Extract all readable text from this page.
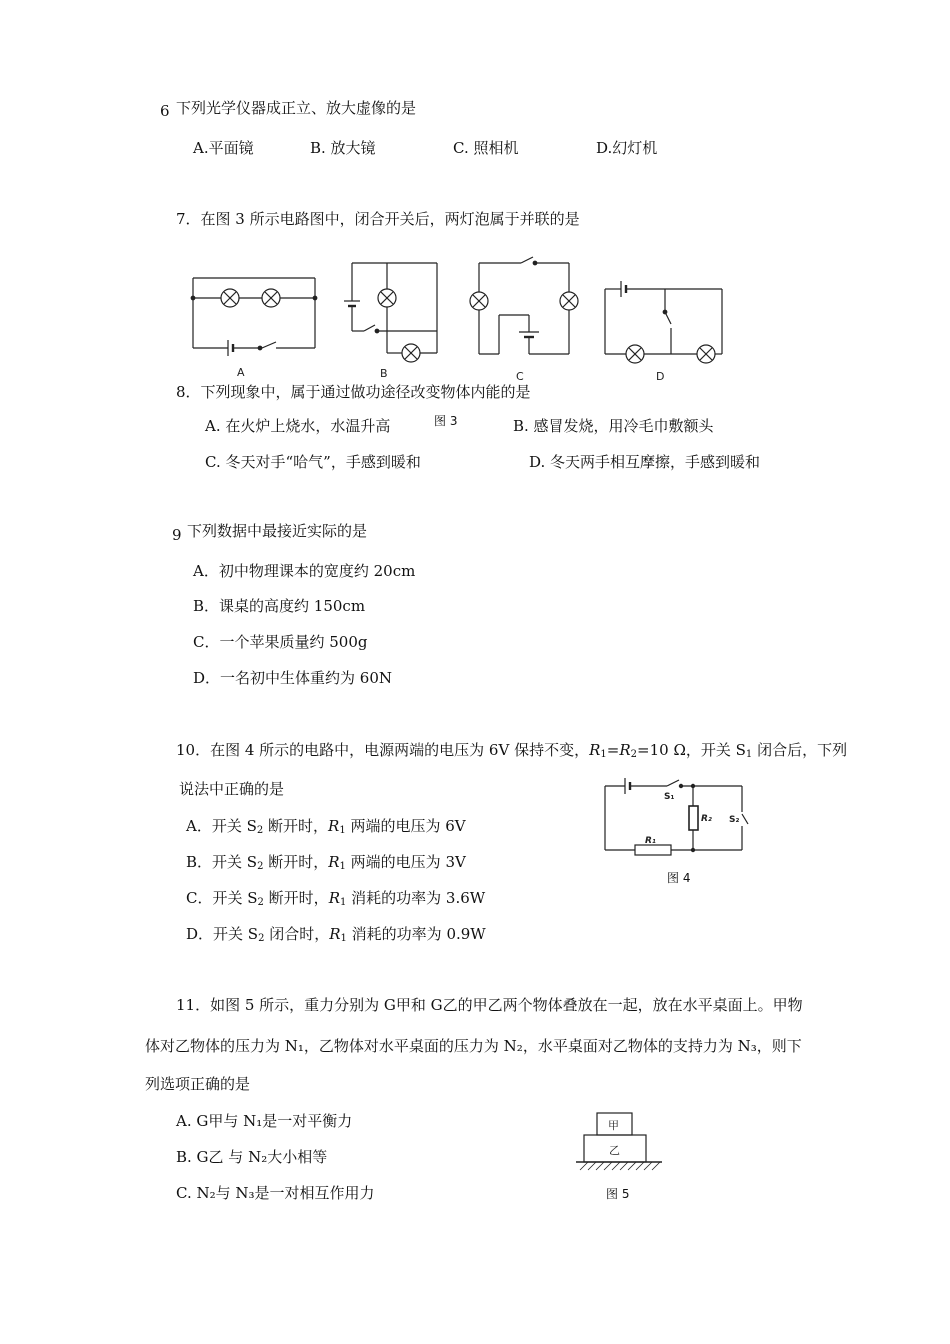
6 下列光学仪器成正立、放大虚像的是
A.平面镜	B. 放大镜	C. 照相机	D.幻灯机
7．在图 3 所示电路图中，闭合开关后，两灯泡属于并联的是
A	B	C	D
8．下列现象中，属于通过做功途径改变物体内能的是
图 3
A. 在火炉上烧水，水温升高	B. 感冒发烧，用冷毛巾敷额头
C. 冬天对手“哈气”，手感到暖和	D. 冬天两手相互摩擦，手感到暖和
9 下列数据中最接近实际的是
A．初中物理课本的宽度约 20cm
B．课桌的高度约 150cm
C．一个苹果质量约 500g
D．一名初中生体重约为 60N
10．在图 4 所示的电路中，电源两端的电压为 6V 保持不变，$R_1=R_2=10$ Ω，开关 $S_1$ 闭合后，下列
说法中正确的是
A．开关 $S_2$ 断开时，$R_1$ 两端的电压为 6V
B．开关 $S_2$ 断开时，$R_1$ 两端的电压为 3V
C．开关 $S_2$ 断开时，$R_1$ 消耗的功率为 3.6W
D．开关 $S_2$ 闭合时，$R_1$ 消耗的功率为 0.9W
S₁
R₂ S₂
R₁
图 4
11．如图 5 所示，重力分别为 G甲和 G乙的甲乙两个物体叠放在一起，放在水平桌面上。甲物
体对乙物体的压力为 N₁，乙物体对水平桌面的压力为 N₂，水平桌面对乙物体的支持力为 N₃，则下
列选项正确的是
A. G甲与 N₁是一对平衡力
B. G乙 与 N₂大小相等
C. N₂与 N₃是一对相互作用力
甲
乙
图 5
